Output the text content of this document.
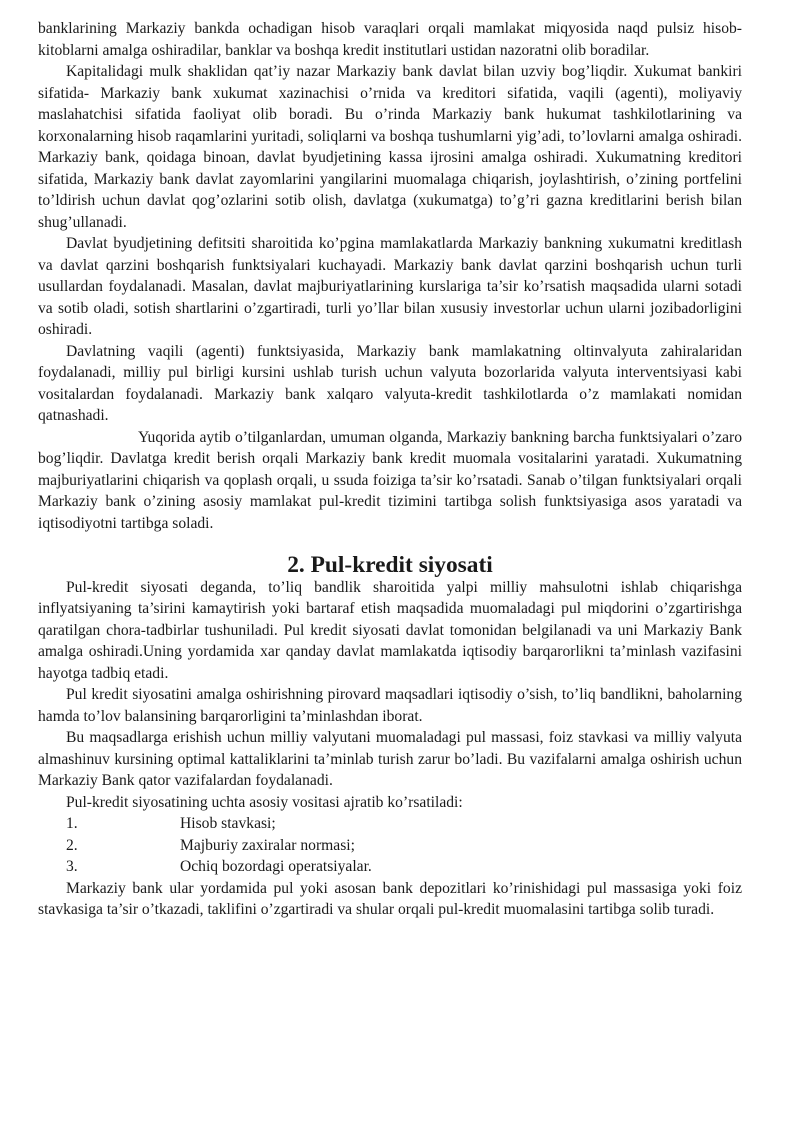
banklarining Markaziy bankda ochadigan hisob varaqlari orqali mamlakat miqyosida naqd pulsiz hisob-kitoblarni amalga oshiradilar, banklar va boshqa kredit institutlari ustidan nazoratni olib boradilar.

Kapitalidagi mulk shaklidan qat’iy nazar Markaziy bank davlat bilan uzviy bog’liqdir. Xukumat bankiri sifatida- Markaziy bank xukumat xazinachisi o’rnida va kreditori sifatida, vaqili (agenti), moliyaviy maslahatchisi sifatida faoliyat olib boradi. Bu o’rinda Markaziy bank hukumat tashkilotlarining va korxonalarning hisob raqamlarini yuritadi, soliqlarni va boshqa tushumlarni yig’adi, to’lovlarni amalga oshiradi. Markaziy bank, qoidaga binoan, davlat byudjetining kassa ijrosini amalga oshiradi. Xukumatning kreditori sifatida, Markaziy bank davlat zayomlarini yangilarini muomalaga chiqarish, joylashtirish, o’zining portfelini to’ldirish uchun davlat qog’ozlarini sotib olish, davlatga (xukumatga) to’g’ri gazna kreditlarini berish bilan shug’ullanadi.

Davlat byudjetining defitsiti sharoitida ko’pgina mamlakatlarda Markaziy bankning xukumatni kreditlash va davlat qarzini boshqarish funktsiyalari kuchayadi. Markaziy bank davlat qarzini boshqarish uchun turli usullardan foydalanadi. Masalan, davlat majburiyatlarining kurslariga ta’sir ko’rsatish maqsadida ularni sotadi va sotib oladi, sotish shartlarini o’zgartiradi, turli yo’llar bilan xususiy investorlar uchun ularni jozibadorligini oshiradi.

Davlatning vaqili (agenti) funktsiyasida, Markaziy bank mamlakatning oltinvalyuta zahiralaridan foydalanadi, milliy pul birligi kursini ushlab turish uchun valyuta bozorlarida valyuta interventsiyasi kabi vositalardan foydalanadi. Markaziy bank xalqaro valyuta-kredit tashkilotlarda o’z mamlakati nomidan qatnashadi.

Yuqorida aytib o’tilganlardan, umuman olganda, Markaziy bankning barcha funktsiyalari o’zaro bog’liqdir. Davlatga kredit berish orqali Markaziy bank kredit muomala vositalarini yaratadi. Xukumatning majburiyatlarini chiqarish va qoplash orqali, u ssuda foiziga ta’sir ko’rsatadi. Sanab o’tilgan funktsiyalari orqali Markaziy bank o’zining asosiy mamlakat pul-kredit tizimini tartibga solish funktsiyasiga asos yaratadi va iqtisodiyotni tartibga soladi.

2. Pul-kredit siyosati

Pul-kredit siyosati deganda, to’liq bandlik sharoitida yalpi milliy mahsulotni ishlab chiqarishga inflyatsiyaning ta’sirini kamaytirish yoki bartaraf etish maqsadida muomaladagi pul miqdorini o’zgartirishga qaratilgan chora-tadbirlar tushuniladi. Pul kredit siyosati davlat tomonidan belgilanadi va uni Markaziy Bank amalga oshiradi.Uning yordamida xar qanday davlat mamlakatda iqtisodiy barqarorlikni ta’minlash vazifasini hayotga tadbiq etadi.

Pul kredit siyosatini amalga oshirishning pirovard maqsadlari iqtisodiy o’sish, to’liq bandlikni, baholarning hamda to’lov balansining barqarorligini ta’minlashdan iborat.

Bu maqsadlarga erishish uchun milliy valyutani muomaladagi pul massasi, foiz stavkasi va milliy valyuta almashinuv kursining optimal kattaliklarini ta’minlab turish zarur bo’ladi. Bu vazifalarni amalga oshirish uchun Markaziy Bank qator vazifalardan foydalanadi.

Pul-kredit siyosatining uchta asosiy vositasi ajratib ko’rsatiladi:

1.	Hisob stavkasi;
2.	Majburiy zaxiralar normasi;
3.	Ochiq bozordagi operatsiyalar.

Markaziy bank ular yordamida pul yoki asosan bank depozitlari ko’rinishidagi pul massasiga yoki foiz stavkasiga ta’sir o’tkazadi, taklifini o’zgartiradi va shular orqali pul-kredit muomalasini tartibga solib turadi.
